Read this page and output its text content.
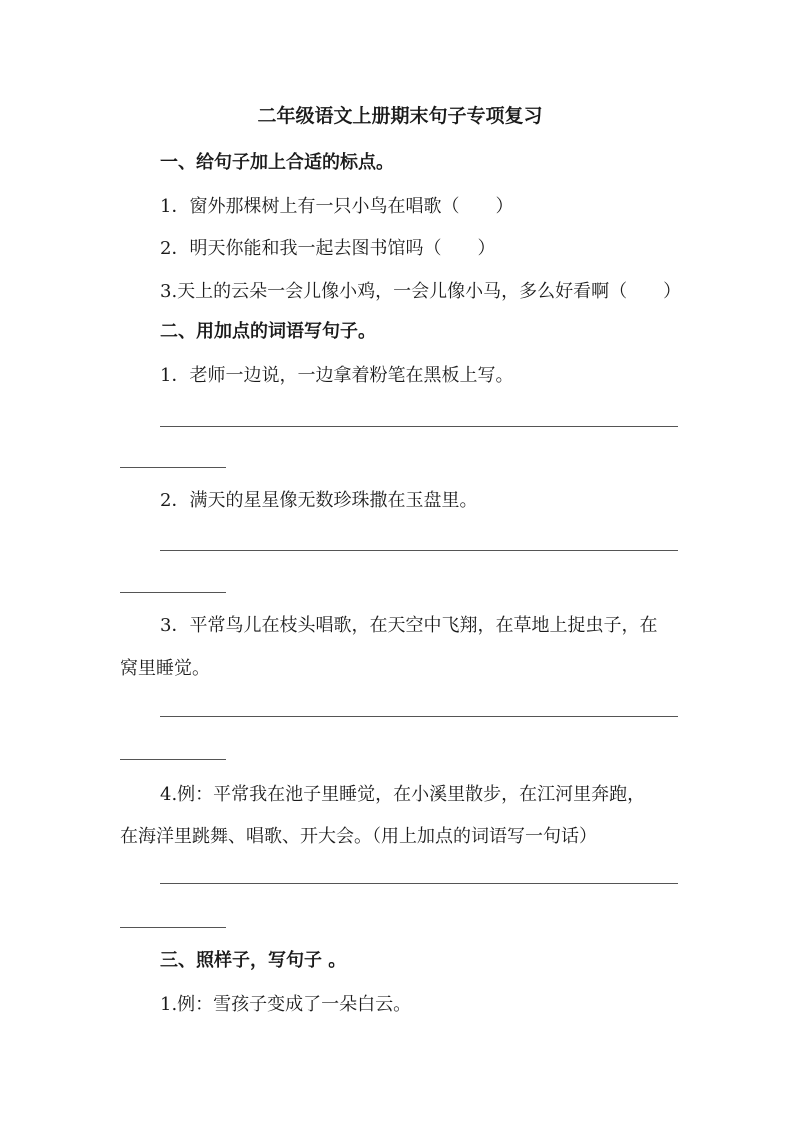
二年级语文上册期末句子专项复习
一、给句子加上合适的标点。
1．窗外那棵树上有一只小鸟在唱歌（　　）
2．明天你能和我一起去图书馆吗（　　）
3.天上的云朵一会儿像小鸡，一会儿像小马，多么好看啊（　　）
二、用加点的词语写句子。
1．老师一边说，一边拿着粉笔在黑板上写。
2．满天的星星像无数珍珠撒在玉盘里。
3．平常鸟儿在枝头唱歌，在天空中飞翔，在草地上捉虫子，在
窝里睡觉。
4.例：平常我在池子里睡觉，在小溪里散步，在江河里奔跑，
在海洋里跳舞、唱歌、开大会。（用上加点的词语写一句话）
三、照样子，写句子 。
1.例：雪孩子变成了一朵白云。
